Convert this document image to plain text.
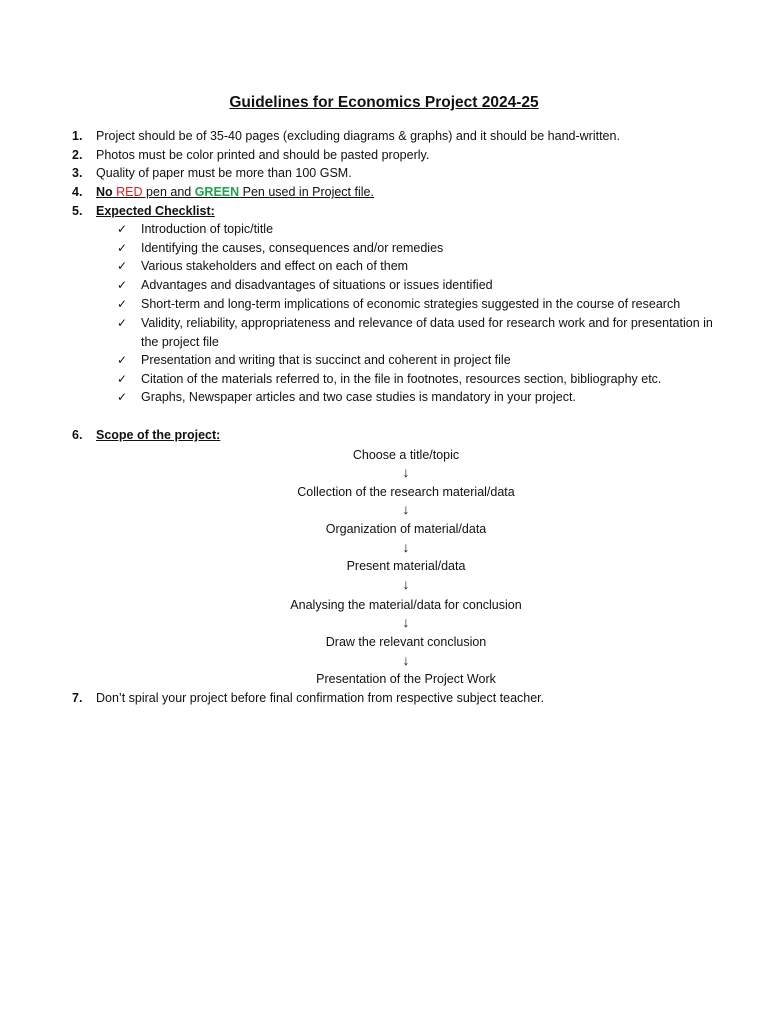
Guidelines for Economics Project 2024-25
1. Project should be of 35-40 pages (excluding diagrams & graphs) and it should be hand-written.
2. Photos must be color printed and should be pasted properly.
3. Quality of paper must be more than 100 GSM.
4. No RED pen and GREEN Pen used in Project file.
5. Expected Checklist:
✓ Introduction of topic/title
✓ Identifying the causes, consequences and/or remedies
✓ Various stakeholders and effect on each of them
✓ Advantages and disadvantages of situations or issues identified
✓ Short-term and long-term implications of economic strategies suggested in the course of research
✓ Validity, reliability, appropriateness and relevance of data used for research work and for presentation in the project file
✓ Presentation and writing that is succinct and coherent in project file
✓ Citation of the materials referred to, in the file in footnotes, resources section, bibliography etc.
✓ Graphs, Newspaper articles and two case studies is mandatory in your project.
6. Scope of the project:
Choose a title/topic
↓
Collection of the research material/data
↓
Organization of material/data
↓
Present material/data
↓
Analysing the material/data for conclusion
↓
Draw the relevant conclusion
↓
Presentation of the Project Work
7. Don’t spiral your project before final confirmation from respective subject teacher.
